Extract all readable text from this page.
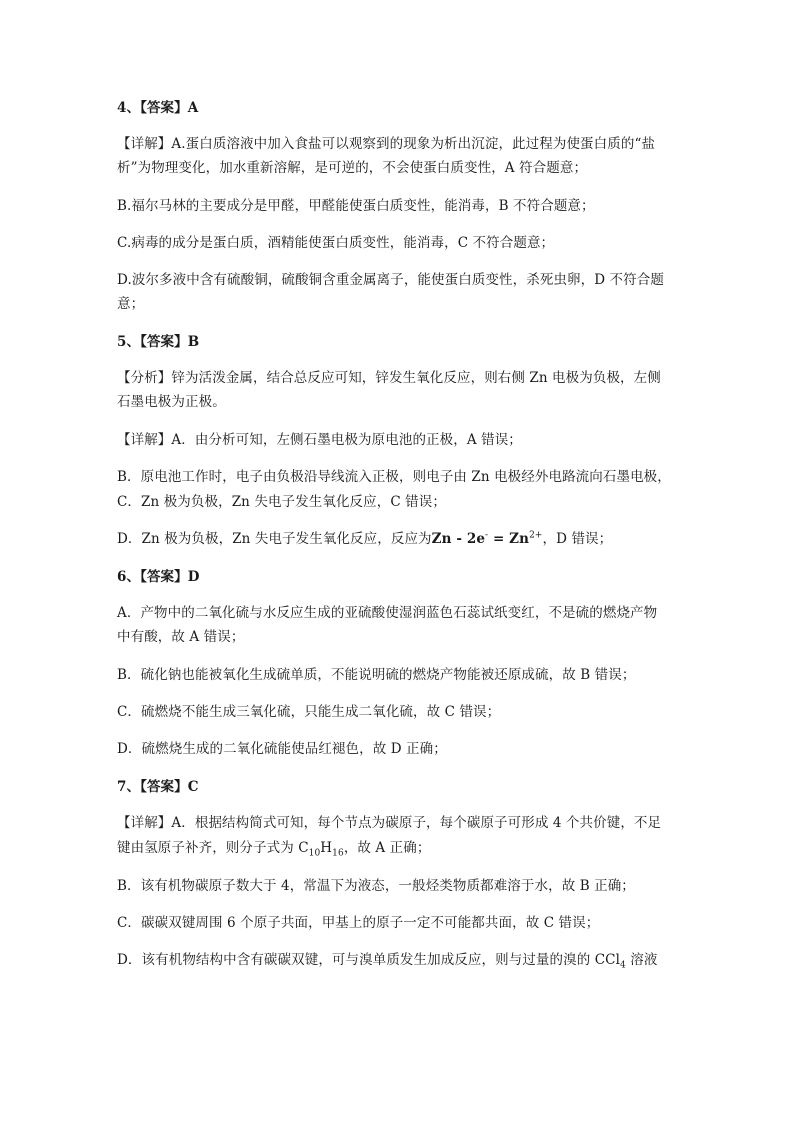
4、【答案】A
【详解】A.蛋白质溶液中加入食盐可以观察到的现象为析出沉淀，此过程为使蛋白质的“盐
析”为物理变化，加水重新溶解，是可逆的，不会使蛋白质变性，A 符合题意；
B.福尔马林的主要成分是甲醛，甲醛能使蛋白质变性，能消毒，B 不符合题意；
C.病毒的成分是蛋白质，酒精能使蛋白质变性，能消毒，C 不符合题意；
D.波尔多液中含有硫酸铜，硫酸铜含重金属离子，能使蛋白质变性，杀死虫卵，D 不符合题
意；
5、【答案】B
【分析】锌为活泼金属，结合总反应可知，锌发生氧化反应，则右侧 Zn 电极为负极，左侧
石墨电极为正极。
【详解】A．由分析可知，左侧石墨电极为原电池的正极，A 错误；
B．原电池工作时，电子由负极沿导线流入正极，则电子由 Zn 电极经外电路流向石墨电极，
C．Zn 极为负极，Zn 失电子发生氧化反应，C 错误；
D．Zn 极为负极，Zn 失电子发生氧化反应，反应为$Zn - 2e^- = Zn^{2+}$，D 错误；
6、【答案】D
A．产物中的二氧化硫与水反应生成的亚硫酸使湿润蓝色石蕊试纸变红，不是硫的燃烧产物
中有酸，故 A 错误；
B．硫化钠也能被氧化生成硫单质，不能说明硫的燃烧产物能被还原成硫，故 B 错误；
C．硫燃烧不能生成三氧化硫，只能生成二氧化硫，故 C 错误；
D．硫燃烧生成的二氧化硫能使品红褪色，故 D 正确；
7、【答案】C
【详解】A．根据结构简式可知，每个节点为碳原子，每个碳原子可形成 4 个共价键，不足
键由氢原子补齐，则分子式为 $C_{10}H_{16}$，故 A 正确；
B．该有机物碳原子数大于 4，常温下为液态，一般烃类物质都难溶于水，故 B 正确；
C．碳碳双键周围 6 个原子共面，甲基上的原子一定不可能都共面，故 C 错误；
D．该有机物结构中含有碳碳双键，可与溴单质发生加成反应，则与过量的溴的 CCl$_4$ 溶液
